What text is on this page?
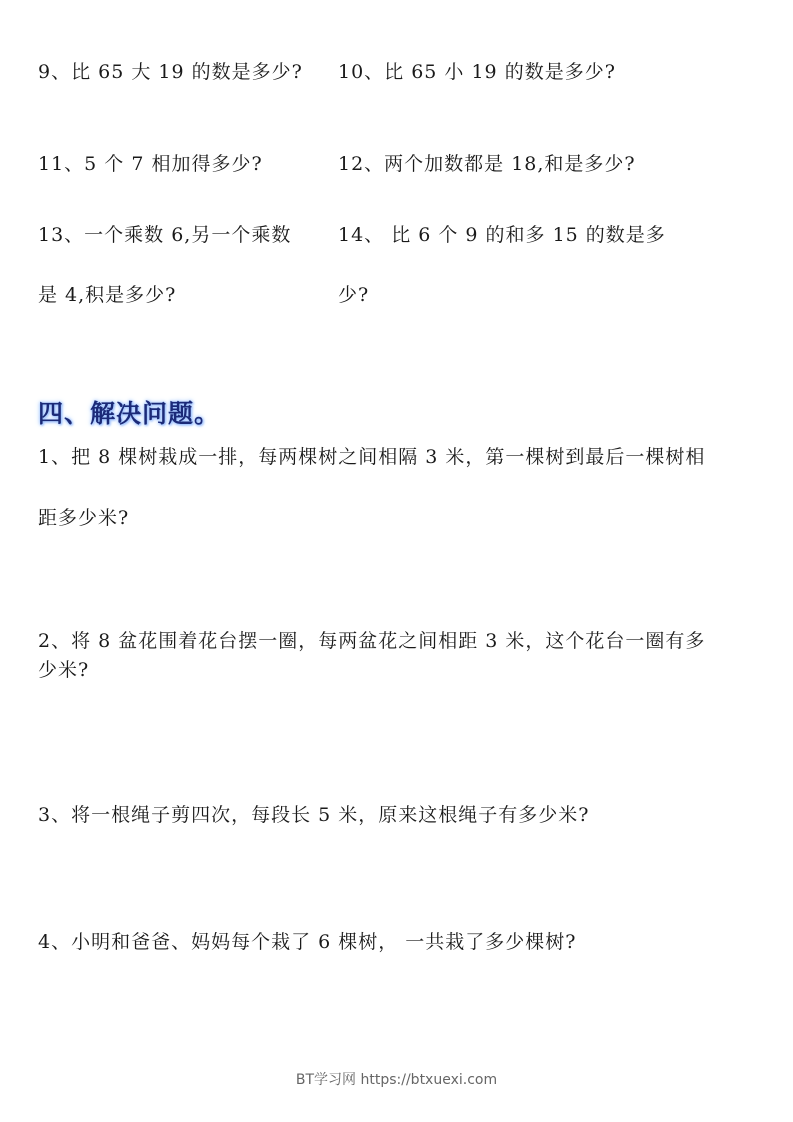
9、比 65 大 19 的数是多少? 10、比 65 小 19 的数是多少?
11、5 个 7 相加得多少?	12、两个加数都是 18,和是多少?
13、一个乘数 6,另一个乘数
是 4,积是多少?
14、 比 6 个 9 的和多 15 的数是多
少?
四、解决问题。
1、把 8 棵树栽成一排，每两棵树之间相隔 3 米，第一棵树到最后一棵树相
距多少米?
2、将 8 盆花围着花台摆一圈，每两盆花之间相距 3 米，这个花台一圈有多
少米?
3、将一根绳子剪四次，每段长 5 米，原来这根绳子有多少米?
4、小明和爸爸、妈妈每个栽了 6 棵树， 一共栽了多少棵树?
BT学习网 https://btxuexi.com
